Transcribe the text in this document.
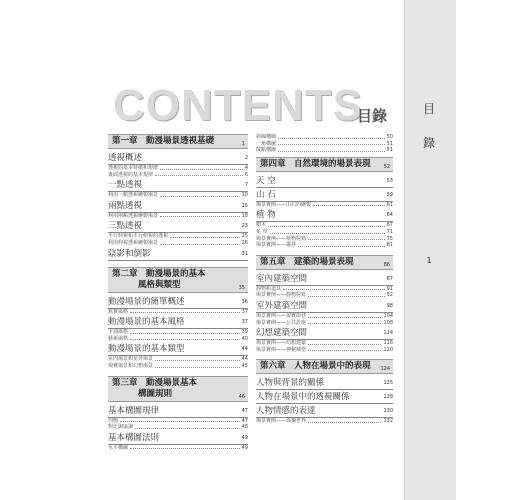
CONTENTS
目錄	目
錄
1
第一章　動漫場景透視基礎	1
透視概述	2
透視的基本特徵和規律	4
畫面透視的基本規律	6
一點透視	7
利用一點透視繪製場景	10
兩點透視	15
利用兩點透視繪製場景	18
三點透視	23
平行仰視和平行俯視的透視	25
利用仰視透視繪製場景	26
陰影和倒影	31
第二章　動漫場景的基本
風格與類型	35
動漫場景的簡單概述	36
寫實風格	37
動漫場景的基本風格	37
卡通風格	39
藝術風格	40
動漫場景的基本類型	44
室內場景和室外場景	44
現實場景和幻想場景	45
第三章　動漫場景基本
構圖規則	46
基本構圖規律	47
均衡	47
對比與協調	48
基本構圖法則	49
水平構圖	49
斜線構圖	50
一角構圖	51
散點構圖	51
第四章　自然環境的場景表現	52
天 空	53
山 石	59
場景實例——山石的繪製	61
植 物	64
樹木	67
花 草	71
場景實例——植物特寫	75
場景實例——叢林	81
第五章　建築的場景表現	86
室內建築空間	87
靜物和道具	91
場景實例——靜物特寫	92
室外建築空間	98
場景實例——現實街巷	104
場景實例——公共設施	108
幻想建築空間	114
場景實例——幻想建築	116
場景實例——神秘城堡	120
第六章　人物在場景中的表現	124
人物與背景的關係	125
人物在場景中的透視關係	128
人物情感的表達	130
場景實例——孤獨世界	132
